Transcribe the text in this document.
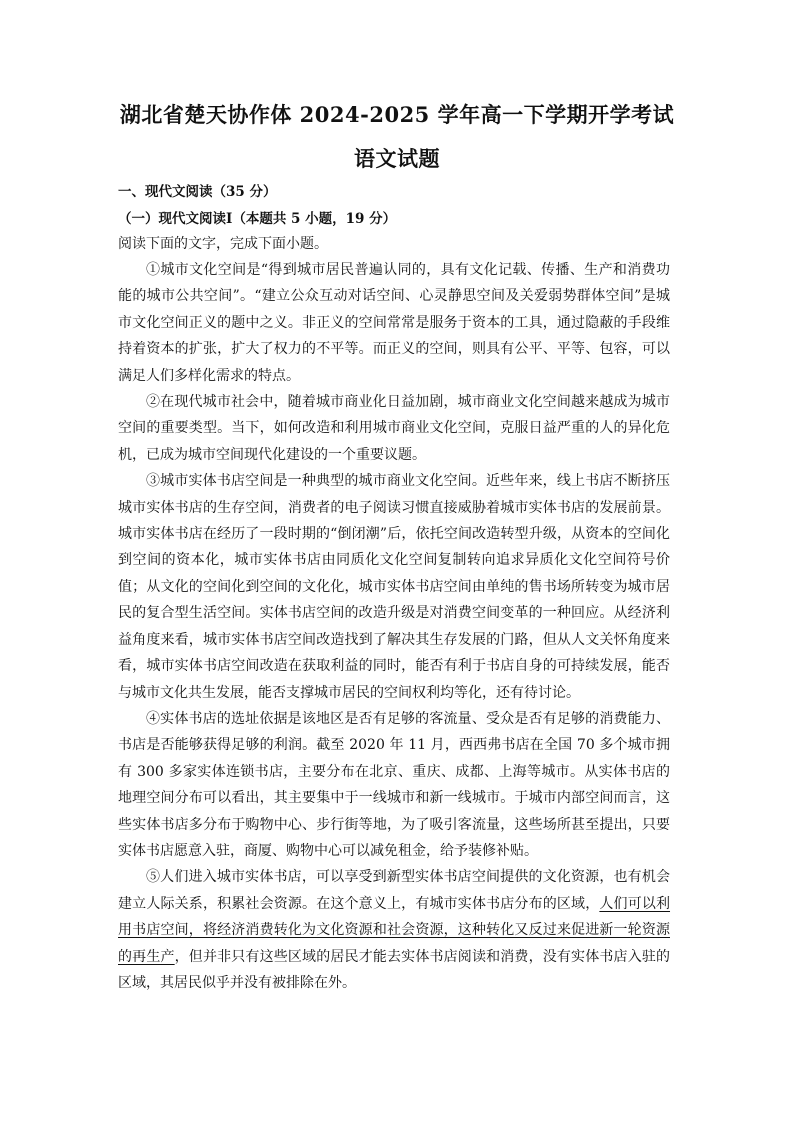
湖北省楚天协作体 2024-2025 学年高一下学期开学考试
语文试题
一、现代文阅读（35 分）
（一）现代文阅读Ⅰ（本题共 5 小题，19 分）
阅读下面的文字，完成下面小题。

①城市文化空间是“得到城市居民普遍认同的，具有文化记载、传播、生产和消费功能的城市公共空间”。“建立公众互动对话空间、心灵静思空间及关爱弱势群体空间”是城市文化空间正义的题中之义。非正义的空间常常是服务于资本的工具，通过隐蔽的手段维持着资本的扩张，扩大了权力的不平等。而正义的空间，则具有公平、平等、包容，可以满足人们多样化需求的特点。

②在现代城市社会中，随着城市商业化日益加剧，城市商业文化空间越来越成为城市空间的重要类型。当下，如何改造和利用城市商业文化空间，克服日益严重的人的异化危机，已成为城市空间现代化建设的一个重要议题。

③城市实体书店空间是一种典型的城市商业文化空间。近些年来，线上书店不断挤压城市实体书店的生存空间，消费者的电子阅读习惯直接威胁着城市实体书店的发展前景。城市实体书店在经历了一段时期的“倒闭潮”后，依托空间改造转型升级，从资本的空间化到空间的资本化，城市实体书店由同质化文化空间复制转向追求异质化文化空间符号价值；从文化的空间化到空间的文化化，城市实体书店空间由单纯的售书场所转变为城市居民的复合型生活空间。实体书店空间的改造升级是对消费空间变革的一种回应。从经济利益角度来看，城市实体书店空间改造找到了解决其生存发展的门路，但从人文关怀角度来看，城市实体书店空间改造在获取利益的同时，能否有利于书店自身的可持续发展，能否与城市文化共生发展，能否支撑城市居民的空间权利均等化，还有待讨论。

④实体书店的选址依据是该地区是否有足够的客流量、受众是否有足够的消费能力、书店是否能够获得足够的利润。截至 2020 年 11 月，西西弗书店在全国 70 多个城市拥有 300 多家实体连锁书店，主要分布在北京、重庆、成都、上海等城市。从实体书店的地理空间分布可以看出，其主要集中于一线城市和新一线城市。于城市内部空间而言，这些实体书店多分布于购物中心、步行街等地，为了吸引客流量，这些场所甚至提出，只要实体书店愿意入驻，商厦、购物中心可以减免租金，给予装修补贴。

⑤人们进入城市实体书店，可以享受到新型实体书店空间提供的文化资源，也有机会建立人际关系，积累社会资源。在这个意义上，有城市实体书店分布的区域，人们可以利用书店空间，将经济消费转化为文化资源和社会资源，这种转化又反过来促进新一轮资源的再生产，但并非只有这些区域的居民才能去实体书店阅读和消费，没有实体书店入驻的区域，其居民似乎并没有被排除在外。
